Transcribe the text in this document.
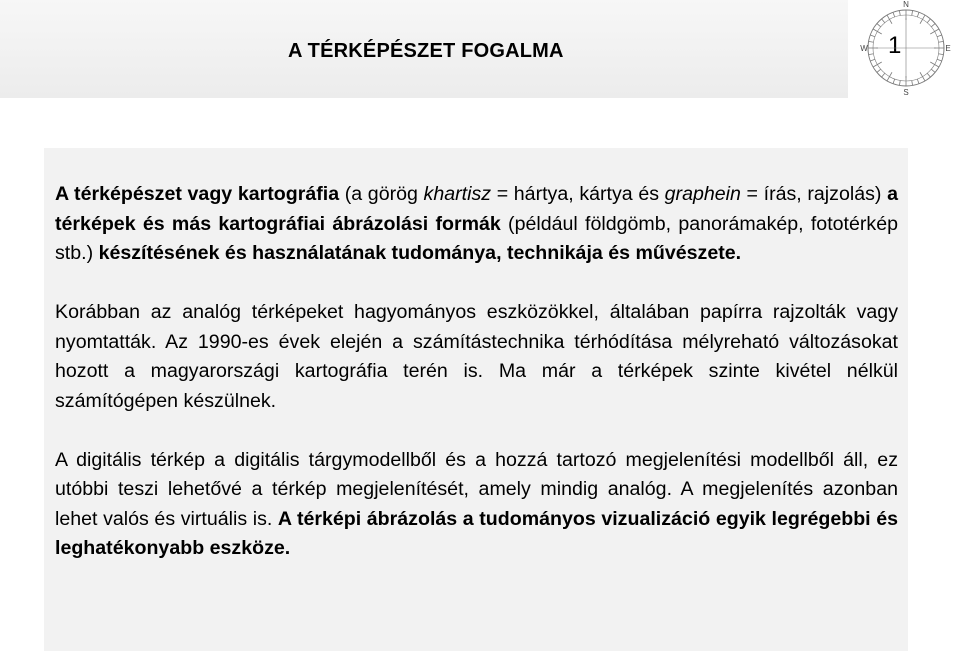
A TÉRKÉPÉSZET FOGALMA	1
N
S
E
W

A térképészet vagy kartográfia (a görög khartisz = hártya, kártya és graphein = írás, rajzolás) a térképek és más kartográfiai ábrázolási formák (például földgömb, panorámakép, fototérkép stb.) készítésének és használatának tudománya, technikája és művészete.

Korábban az analóg térképeket hagyományos eszközökkel, általában papírra rajzolták vagy nyomtatták. Az 1990-es évek elején a számítástechnika térhódítása mélyreható változásokat hozott a magyarországi kartográfia terén is. Ma már a térképek szinte kivétel nélkül számítógépen készülnek.

A digitális térkép a digitális tárgymodellből és a hozzá tartozó megjelenítési modellből áll, ez utóbbi teszi lehetővé a térkép megjelenítését, amely mindig analóg. A megjelenítés azonban lehet valós és virtuális is. A térképi ábrázolás a tudományos vizualizáció egyik legrégebbi és leghatékonyabb eszköze.
